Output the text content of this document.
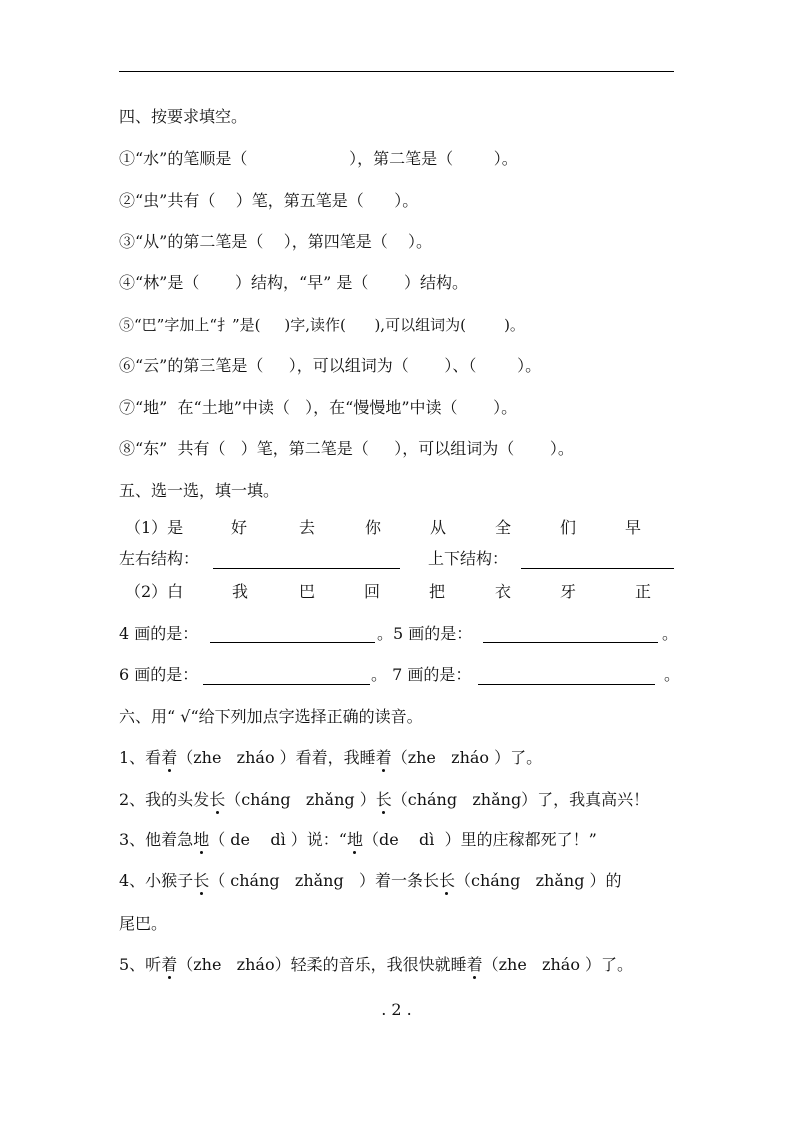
四、按要求填空。
①“水”的笔顺是（                    ），第二笔是（        ）。
②“虫”共有（    ）笔，第五笔是（      ）。
③“从”的第二笔是（    ），第四笔是（    ）。
④“林”是（       ）结构，“早” 是（       ）结构。
⑤“巴”字加上“扌”是(     )字,读作(      ),可以组词为(        )。
⑥“云”的第三笔是（     ），可以组词为（       ）、（        ）。
⑦“地”  在“土地”中读（   ），在“慢慢地”中读（       ）。
⑧“东”  共有（   ）笔，第二笔是（     ），可以组词为（       ）。
五、选一选，填一填。
（1）是	好	去	你	从	全	们	早
左右结构：	上下结构：
（2）白	我	巴	回	把	衣	牙	正
4 画的是：	。5 画的是：	。
6 画的是：	。 7 画的是：	。
六、用“ √“给下列加点字选择正确的读音。
1、看着（zhe   zháo ）看着，我睡着（zhe   zháo ）了。
2、我的头发长（cháng   zhǎng ）长（cháng   zhǎng）了，我真高兴！
3、他着急地（ de    dì ）说：“地（de    dì  ）里的庄稼都死了！”
4、小猴子长（ cháng   zhǎng   ）着一条长长（cháng   zhǎng ）的
尾巴。
5、听着（zhe   zháo）轻柔的音乐，我很快就睡着（zhe   zháo ）了。
. 2 .
